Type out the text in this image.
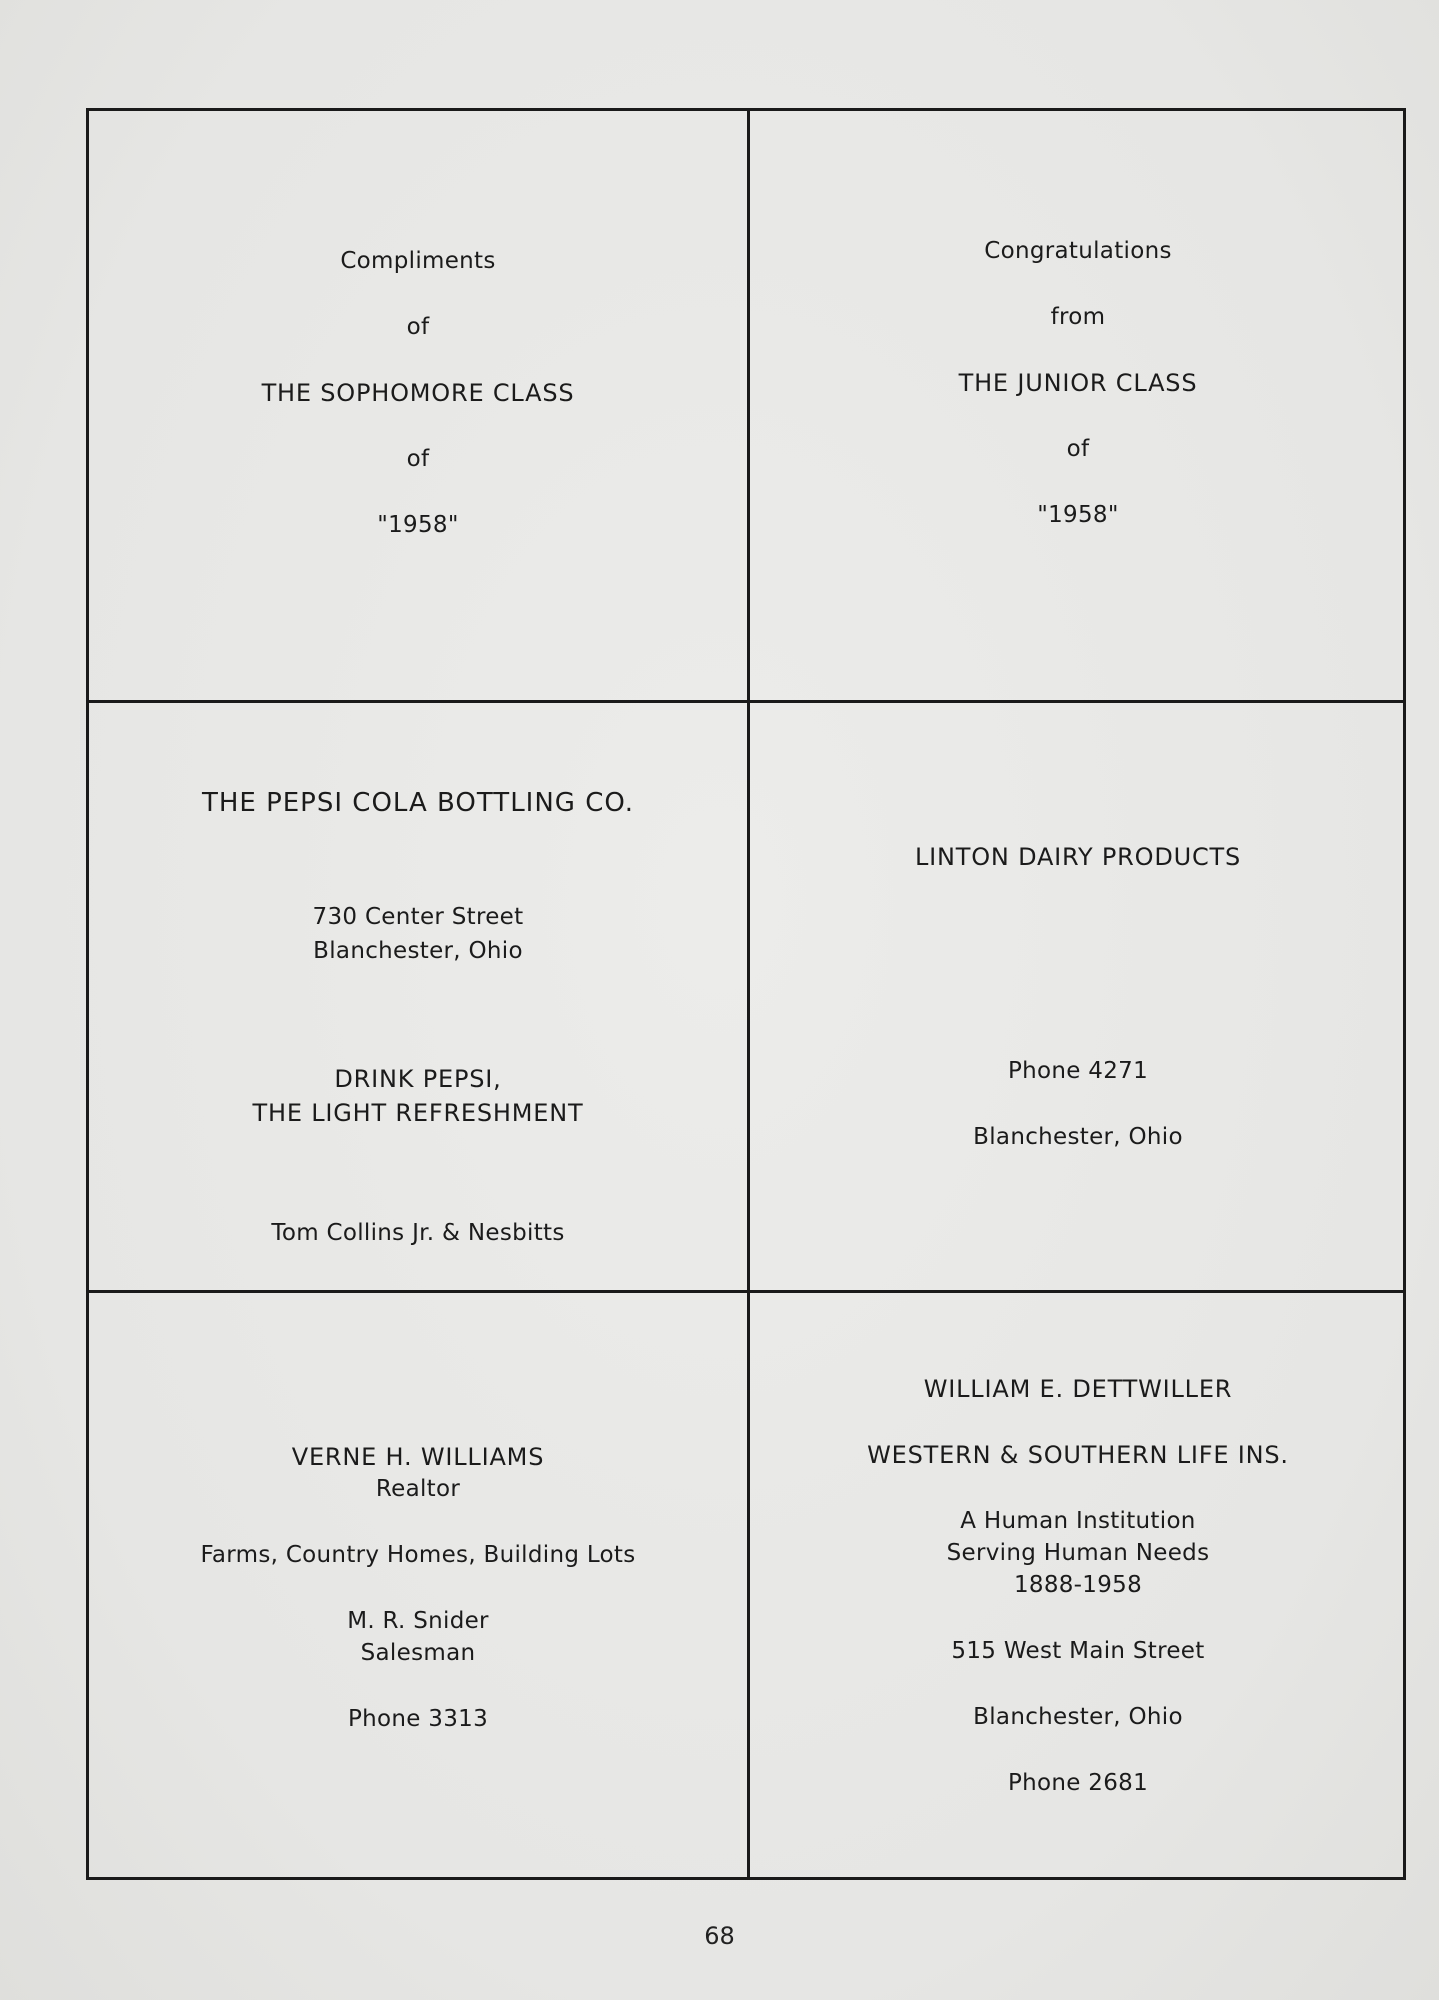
Compliments
of
THE SOPHOMORE CLASS
of
"1958"
Congratulations
from
THE JUNIOR CLASS
of
"1958"
THE PEPSI COLA BOTTLING CO.
730 Center Street
Blanchester, Ohio
DRINK PEPSI,
THE LIGHT REFRESHMENT
Tom Collins Jr. & Nesbitts
LINTON DAIRY PRODUCTS
Phone 4271
Blanchester, Ohio
VERNE H. WILLIAMS
Realtor
Farms, Country Homes, Building Lots
M. R. Snider
Salesman
Phone 3313
WILLIAM E. DETTWILLER
WESTERN & SOUTHERN LIFE INS.
A Human Institution
Serving Human Needs
1888-1958
515 West Main Street
Blanchester, Ohio
Phone 2681
68
